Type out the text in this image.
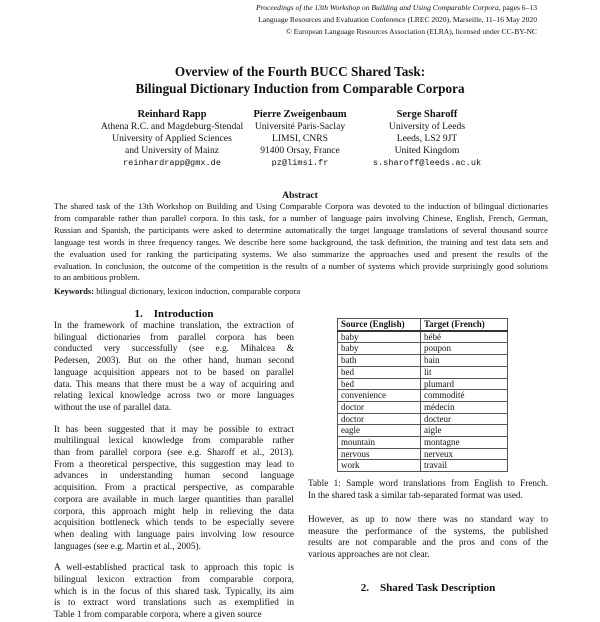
Proceedings of the 13th Workshop on Building and Using Comparable Corpora, pages 6–13
Language Resources and Evaluation Conference (LREC 2020), Marseille, 11–16 May 2020
© European Language Resources Association (ELRA), licensed under CC-BY-NC
Overview of the Fourth BUCC Shared Task:
Bilingual Dictionary Induction from Comparable Corpora
Reinhard Rapp
Athena R.C. and Magdeburg-Stendal
University of Applied Sciences
and University of Mainz
reinhardrapp@gmx.de
Pierre Zweigenbaum
Université Paris-Saclay
LIMSI, CNRS
91400 Orsay, France
pz@limsi.fr
Serge Sharoff
University of Leeds
Leeds, LS2 9JT
United Kingdom
s.sharoff@leeds.ac.uk
Abstract
The shared task of the 13th Workshop on Building and Using Comparable Corpora was devoted to the induction of bilingual dictionaries
from comparable rather than parallel corpora. In this task, for a number of language pairs involving Chinese, English, French, German,
Russian and Spanish, the participants were asked to determine automatically the target language translations of several thousand source
language test words in three frequency ranges. We describe here some background, the task definition, the training and test data sets and
the evaluation used for ranking the participating systems. We also summarize the approaches used and present the results of the
evaluation. In conclusion, the outcome of the competition is the results of a number of systems which provide surprisingly good solutions
to an ambitious problem.
Keywords: bilingual dictionary, lexicon induction, comparable corpora
1.    Introduction
In the framework of machine translation, the extraction of
bilingual dictionaries from parallel corpora has been
conducted very successfully (see e.g. Mihalcea &
Pedersen, 2003). But on the other hand, human second
language acquisition appears not to be based on parallel
data. This means that there must be a way of acquiring and
relating lexical knowledge across two or more languages
without the use of parallel data.
It has been suggested that it may be possible to extract
multilingual lexical knowledge from comparable rather
than from parallel corpora (see e.g. Sharoff et al., 2013).
From a theoretical perspective, this suggestion may lead to
advances in understanding human second language
acquisition. From a practical perspective, as comparable
corpora are available in much larger quantities than parallel
corpora, this approach might help in relieving the data
acquisition bottleneck which tends to be especially severe
when dealing with language pairs involving low resource
languages (see e.g. Martin et al., 2005).
A well-established practical task to approach this topic is
bilingual lexicon extraction from comparable corpora,
which is in the focus of this shared task. Typically, its aim
is to extract word translations such as exemplified in
Table 1 from comparable corpora, where a given source
Source (English)	Target (French)
baby	bébé
baby	poupon
bath	bain
bed	lit
bed	plumard
convenience	commodité
doctor	médecin
doctor	docteur
eagle	aigle
mountain	montagne
nervous	nerveux
work	travail
Table 1: Sample word translations from English to French.
In the shared task a similar tab-separated format was used.
However, as up to now there was no standard way to
measure the performance of the systems, the published
results are not comparable and the pros and cons of the
various approaches are not clear.
2.    Shared Task Description
